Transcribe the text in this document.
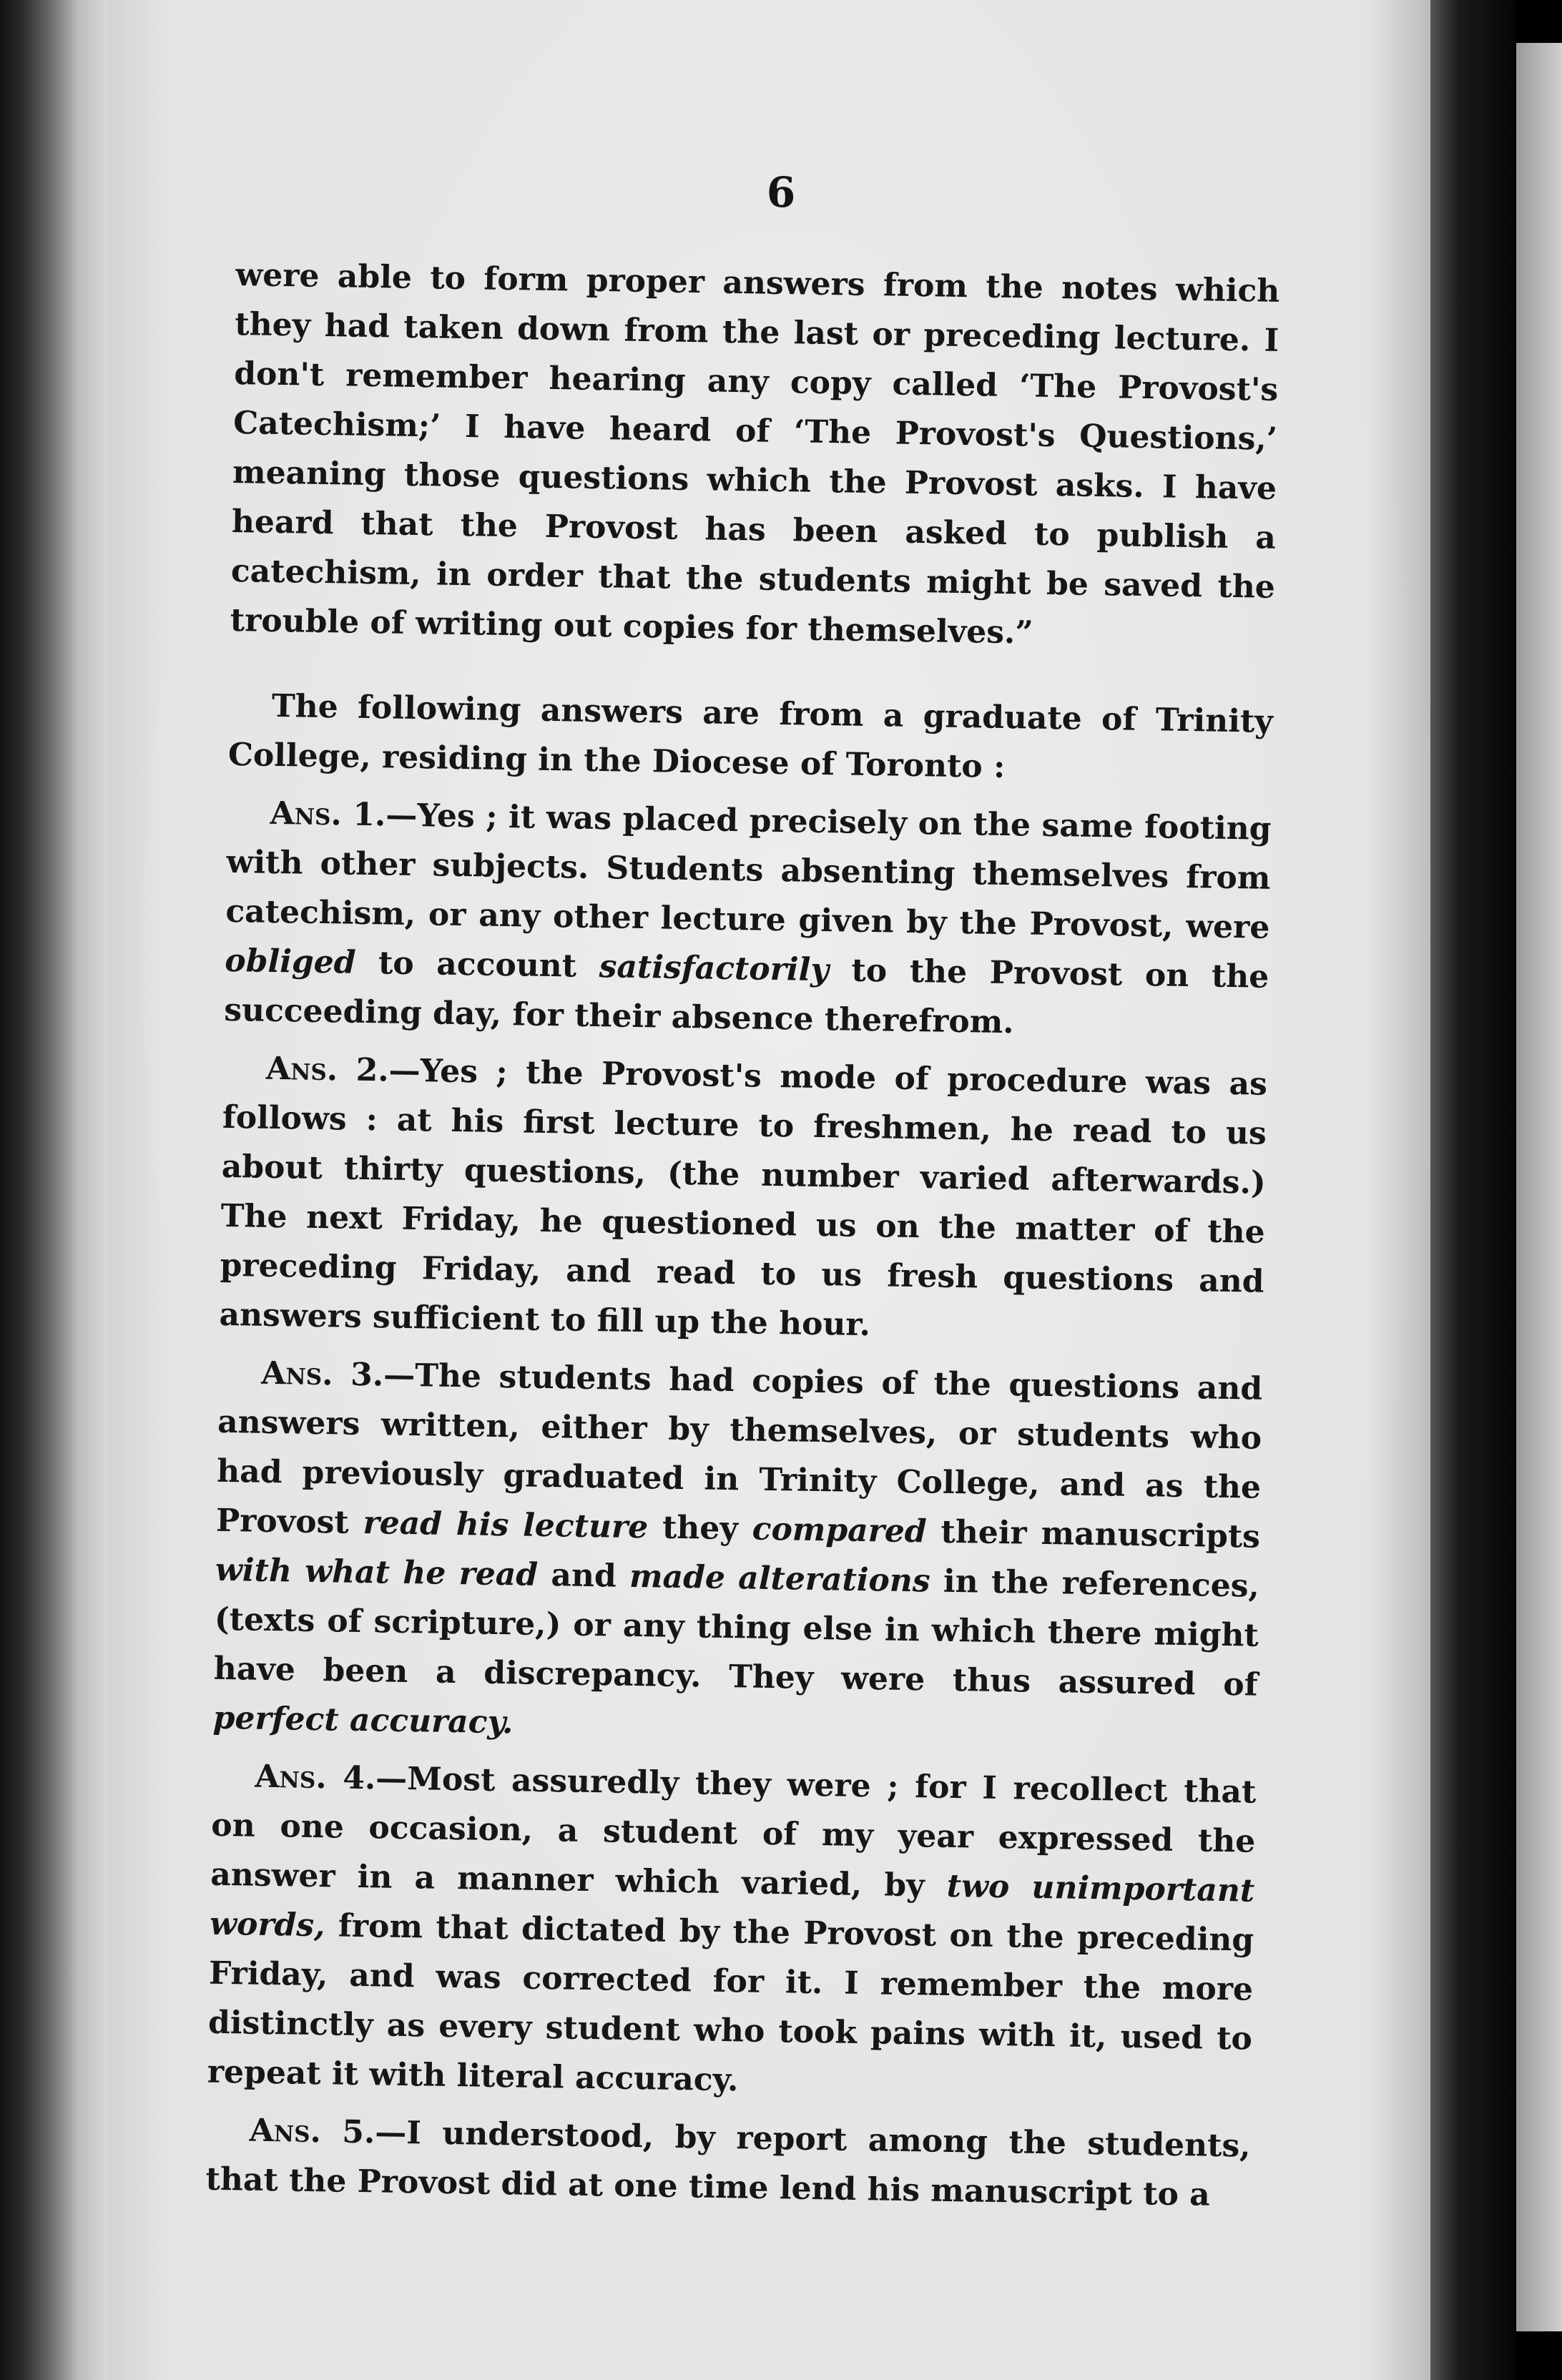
6

were able to form proper answers from the notes which they had taken down from the last or preceding lecture. I don't remember hearing any copy called ‘The Provost's Catechism;’ I have heard of ‘The Provost's Questions,’ meaning those questions which the Provost asks. I have heard that the Provost has been asked to publish a catechism, in order that the students might be saved the trouble of writing out copies for themselves.”

The following answers are from a graduate of Trinity College, residing in the Diocese of Toronto :

Ans. 1.—Yes ; it was placed precisely on the same footing with other subjects. Students absenting themselves from catechism, or any other lecture given by the Provost, were obliged to account satisfactorily to the Provost on the succeeding day, for their absence therefrom.

Ans. 2.—Yes ; the Provost's mode of procedure was as follows : at his first lecture to freshmen, he read to us about thirty questions, (the number varied afterwards.) The next Friday, he questioned us on the matter of the preceding Friday, and read to us fresh questions and answers sufficient to fill up the hour.

Ans. 3.—The students had copies of the questions and answers written, either by themselves, or students who had previously graduated in Trinity College, and as the Provost read his lecture they compared their manuscripts with what he read and made alterations in the references, (texts of scripture,) or any thing else in which there might have been a discrepancy. They were thus assured of perfect accuracy.

Ans. 4.—Most assuredly they were ; for I recollect that on one occasion, a student of my year expressed the answer in a manner which varied, by two unimportant words, from that dictated by the Provost on the preceding Friday, and was corrected for it. I remember the more distinctly as every student who took pains with it, used to repeat it with literal accuracy.

Ans. 5.—I understood, by report among the students, that the Provost did at one time lend his manuscript to a
